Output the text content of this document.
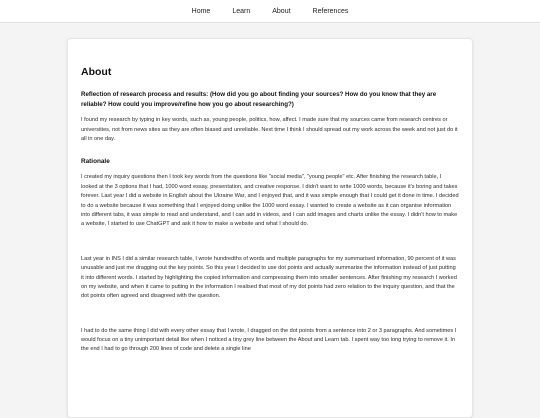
Home	Learn	About	References
About
Reflection of research process and results: (How did you go about finding your sources? How do you know that they are reliable? How could you improve/refine how you go about researching?)

I found my research by typing in key words, such as, young people, politics, how, affect. I made sure that my sources came from research centres or universities, not from news sites as they are often biased and unreliable. Next time I think I should spread out my work across the week and not just do it all in one day.

Rationale

I created my inquiry questions then I took key words from the questions like "social media", "young people" etc. After finishing the research table, I looked at the 3 options that I had, 1000 word essay, presentation, and creative response. I didn't want to write 1000 words, because it's boring and takes forever. Last year I did a website in English about the Ukraine War, and I enjoyed that, and it was simple enough that I could get it done in time. I decided to do a website because it was something that I enjoyed doing unlike the 1000 word essay. I wanted to create a website as it can organise information into different tabs, it was simple to read and understand, and I can add in videos, and I can add images and charts unlike the essay. I didn't how to make a website, I started to use ChatGPT and ask it how to make a website and what I should do.

Last year in INS I did a similar research table, I wrote hundredths of words and multiple paragraphs for my summarised information, 90 percent of it was unusable and just me dragging out the key points. So this year I decided to use dot points and actually summarise the information instead of just putting it into different words. I started by highlighting the copied information and compressing them into smaller sentences. After finishing my research I worked on my website, and when it came to putting in the information I realised that most of my dot points had zero relation to the inquiry question, and that the dot points often agreed and disagreed with the question.

I had to do the same thing I did with every other essay that I wrote, I dragged on the dot points from a sentence into 2 or 3 paragraphs. And sometimes I would focus on a tiny unimportant detail like when I noticed a tiny grey line between the About and Learn tab. I spent way too long trying to remove it. In the end I had to go through 200 lines of code and delete a single line
